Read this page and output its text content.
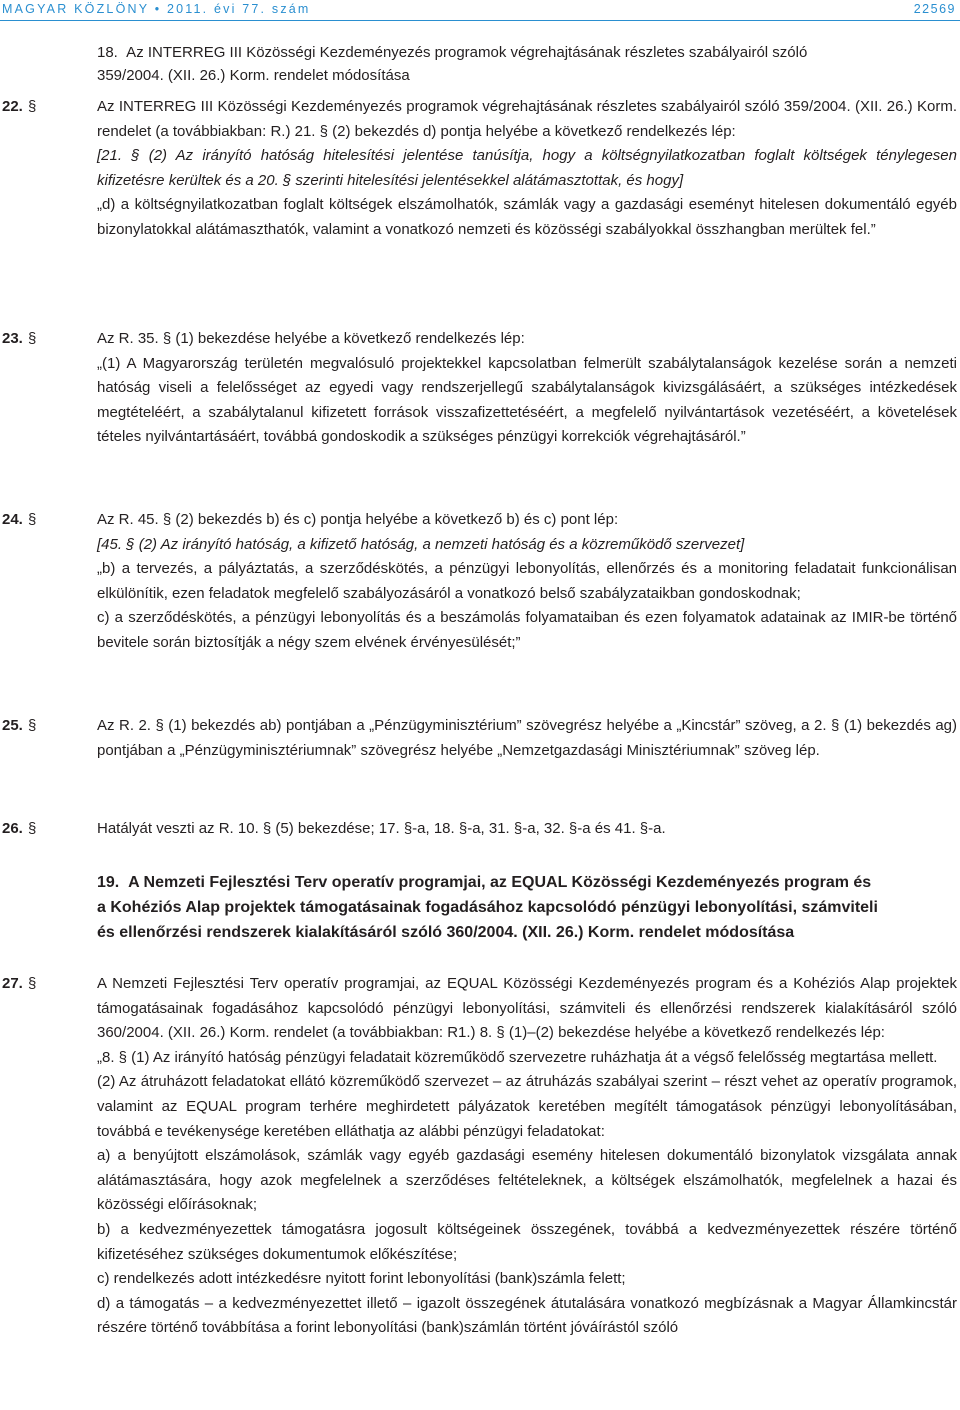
MAGYAR KÖZLÖNY • 2011. évi 77. szám	22569
18.  Az INTERREG III Közösségi Kezdeményezés programok végrehajtásának részletes szabályairól szóló
359/2004. (XII. 26.) Korm. rendelet módosítása
22. §	Az INTERREG III Közösségi Kezdeményezés programok végrehajtásának részletes szabályairól szóló 359/2004. (XII. 26.) Korm. rendelet (a továbbiakban: R.) 21. § (2) bekezdés d) pontja helyébe a következő rendelkezés lép:

[21. § (2) Az irányító hatóság hitelesítési jelentése tanúsítja, hogy a költségnyilatkozatban foglalt költségek ténylegesen kifizetésre kerültek és a 20. § szerinti hitelesítési jelentésekkel alátámasztottak, és hogy]

„d) a költségnyilatkozatban foglalt költségek elszámolhatók, számlák vagy a gazdasági eseményt hitelesen dokumentáló egyéb bizonylatokkal alátámaszthatók, valamint a vonatkozó nemzeti és közösségi szabályokkal összhangban merültek fel.”

23. §	Az R. 35. § (1) bekezdése helyébe a következő rendelkezés lép:

„(1) A Magyarország területén megvalósuló projektekkel kapcsolatban felmerült szabálytalanságok kezelése során a nemzeti hatóság viseli a felelősséget az egyedi vagy rendszerjellegű szabálytalanságok kivizsgálásáért, a szükséges intézkedések megtételéért, a szabálytalanul kifizetett források visszafizettetéséért, a megfelelő nyilvántartások vezetéséért, a követelések tételes nyilvántartásáért, továbbá gondoskodik a szükséges pénzügyi korrekciók végrehajtásáról.”

24. §	Az R. 45. § (2) bekezdés b) és c) pontja helyébe a következő b) és c) pont lép:

[45. § (2) Az irányító hatóság, a kifizető hatóság, a nemzeti hatóság és a közreműködő szervezet]

„b) a tervezés, a pályáztatás, a szerződéskötés, a pénzügyi lebonyolítás, ellenőrzés és a monitoring feladatait funkcionálisan elkülönítik, ezen feladatok megfelelő szabályozásáról a vonatkozó belső szabályzataikban gondoskodnak;

c) a szerződéskötés, a pénzügyi lebonyolítás és a beszámolás folyamataiban és ezen folyamatok adatainak az IMIR-be történő bevitele során biztosítják a négy szem elvének érvényesülését;”

25. §	Az R. 2. § (1) bekezdés ab) pontjában a „Pénzügyminisztérium” szövegrész helyébe a „Kincstár” szöveg, a 2. § (1) bekezdés ag) pontjában a „Pénzügyminisztériumnak” szövegrész helyébe „Nemzetgazdasági Minisztériumnak” szöveg lép.

26. §	Hatályát veszti az R. 10. § (5) bekezdése; 17. §-a, 18. §-a, 31. §-a, 32. §-a és 41. §-a.

19.  A Nemzeti Fejlesztési Terv operatív programjai, az EQUAL Közösségi Kezdeményezés program és
a Kohéziós Alap projektek támogatásainak fogadásához kapcsolódó pénzügyi lebonyolítási, számviteli
és ellenőrzési rendszerek kialakításáról szóló 360/2004. (XII. 26.) Korm. rendelet módosítása
27. §	A Nemzeti Fejlesztési Terv operatív programjai, az EQUAL Közösségi Kezdeményezés program és a Kohéziós Alap projektek támogatásainak fogadásához kapcsolódó pénzügyi lebonyolítási, számviteli és ellenőrzési rendszerek kialakításáról szóló 360/2004. (XII. 26.) Korm. rendelet (a továbbiakban: R1.) 8. § (1)–(2) bekezdése helyébe a következő rendelkezés lép:

„8. § (1) Az irányító hatóság pénzügyi feladatait közreműködő szervezetre ruházhatja át a végső felelősség megtartása mellett.

(2) Az átruházott feladatokat ellátó közreműködő szervezet – az átruházás szabályai szerint – részt vehet az operatív programok, valamint az EQUAL program terhére meghirdetett pályázatok keretében megítélt támogatások pénzügyi lebonyolításában, továbbá e tevékenysége keretében elláthatja az alábbi pénzügyi feladatokat:

a) a benyújtott elszámolások, számlák vagy egyéb gazdasági esemény hitelesen dokumentáló bizonylatok vizsgálata annak alátámasztására, hogy azok megfelelnek a szerződéses feltételeknek, a költségek elszámolhatók, megfelelnek a hazai és közösségi előírásoknak;

b) a kedvezményezettek támogatásra jogosult költségeinek összegének, továbbá a kedvezményezettek részére történő kifizetéséhez szükséges dokumentumok előkészítése;

c) rendelkezés adott intézkedésre nyitott forint lebonyolítási (bank)számla felett;

d) a támogatás – a kedvezményezettet illető – igazolt összegének átutalására vonatkozó megbízásnak a Magyar Államkincstár részére történő továbbítása a forint lebonyolítási (bank)számlán történt jóváírástól szóló
